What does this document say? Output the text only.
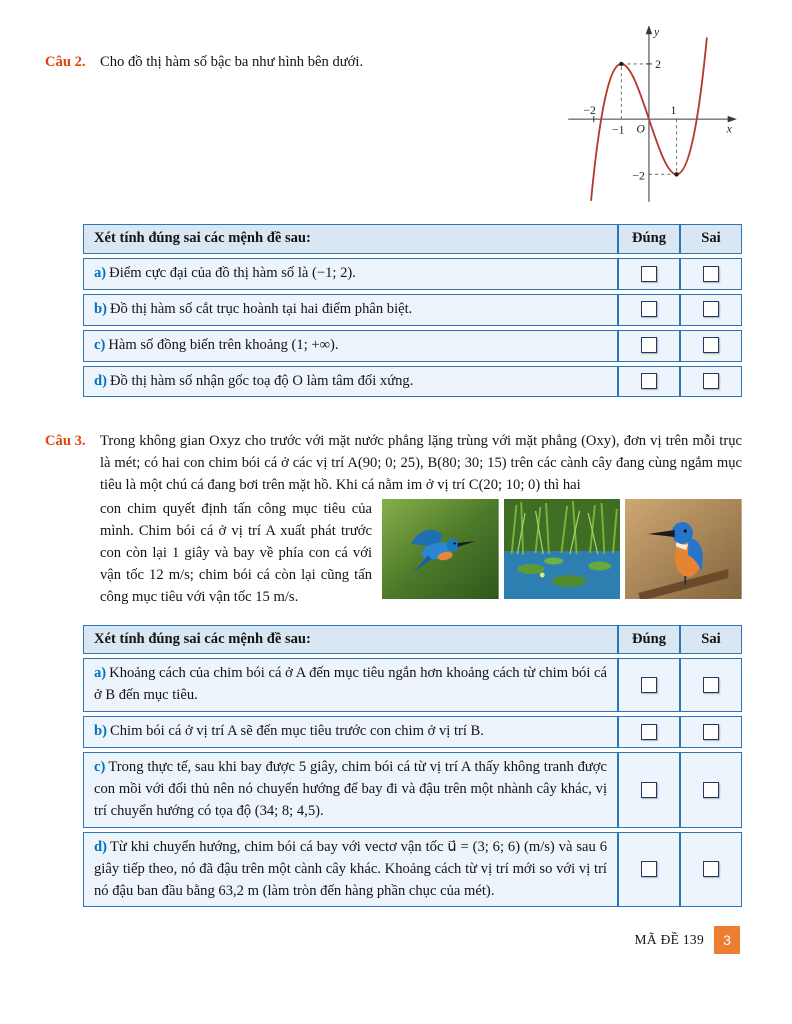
Câu 2. Cho đồ thị hàm số bậc ba như hình bên dưới.
y
x
O
2
−2
−1
1
−2
Xét tính đúng sai các mệnh đề sau:	Đúng	Sai
a) Điểm cực đại của đồ thị hàm số là (−1; 2).		
b) Đồ thị hàm số cắt trục hoành tại hai điểm phân biệt.		
c) Hàm số đồng biến trên khoảng (1; +∞).		
d) Đồ thị hàm số nhận gốc toạ độ O làm tâm đối xứng.		
Câu 3. Trong không gian Oxyz cho trước với mặt nước phẳng lặng trùng với mặt phẳng (Oxy), đơn vị trên mỗi trục là mét; có hai con chim bói cá ở các vị trí A(90; 0; 25), B(80; 30; 15) trên các cành cây đang cùng ngắm mục tiêu là một chú cá đang bơi trên mặt hồ. Khi cá nằm im ở vị trí C(20; 10; 0) thì hai
con chim quyết định tấn công mục tiêu của mình. Chim bói cá ở vị trí A xuất phát trước con còn lại 1 giây và bay về phía con cá với vận tốc 12 m/s; chim bói cá còn lại cũng tấn công mục tiêu với vận tốc 15 m/s.
Xét tính đúng sai các mệnh đề sau:	Đúng	Sai
a) Khoảng cách của chim bói cá ở A đến mục tiêu ngắn hơn khoảng cách từ chim bói cá ở B đến mục tiêu.		
b) Chim bói cá ở vị trí A sẽ đến mục tiêu trước con chim ở vị trí B.		
c) Trong thực tế, sau khi bay được 5 giây, chim bói cá từ vị trí A thấy không tranh được con mồi với đối thủ nên nó chuyển hướng để bay đi và đậu trên một nhành cây khác, vị trí chuyển hướng có tọa độ (34; 8; 4,5).		
d) Từ khi chuyển hướng, chim bói cá bay với vectơ vận tốc u⃗ = (3; 6; 6) (m/s) và sau 6 giây tiếp theo, nó đã đậu trên một cành cây khác. Khoảng cách từ vị trí mới so với vị trí nó đậu ban đầu bằng 63,2 m (làm tròn đến hàng phần chục của mét).		
MÃ ĐỀ 139	3
